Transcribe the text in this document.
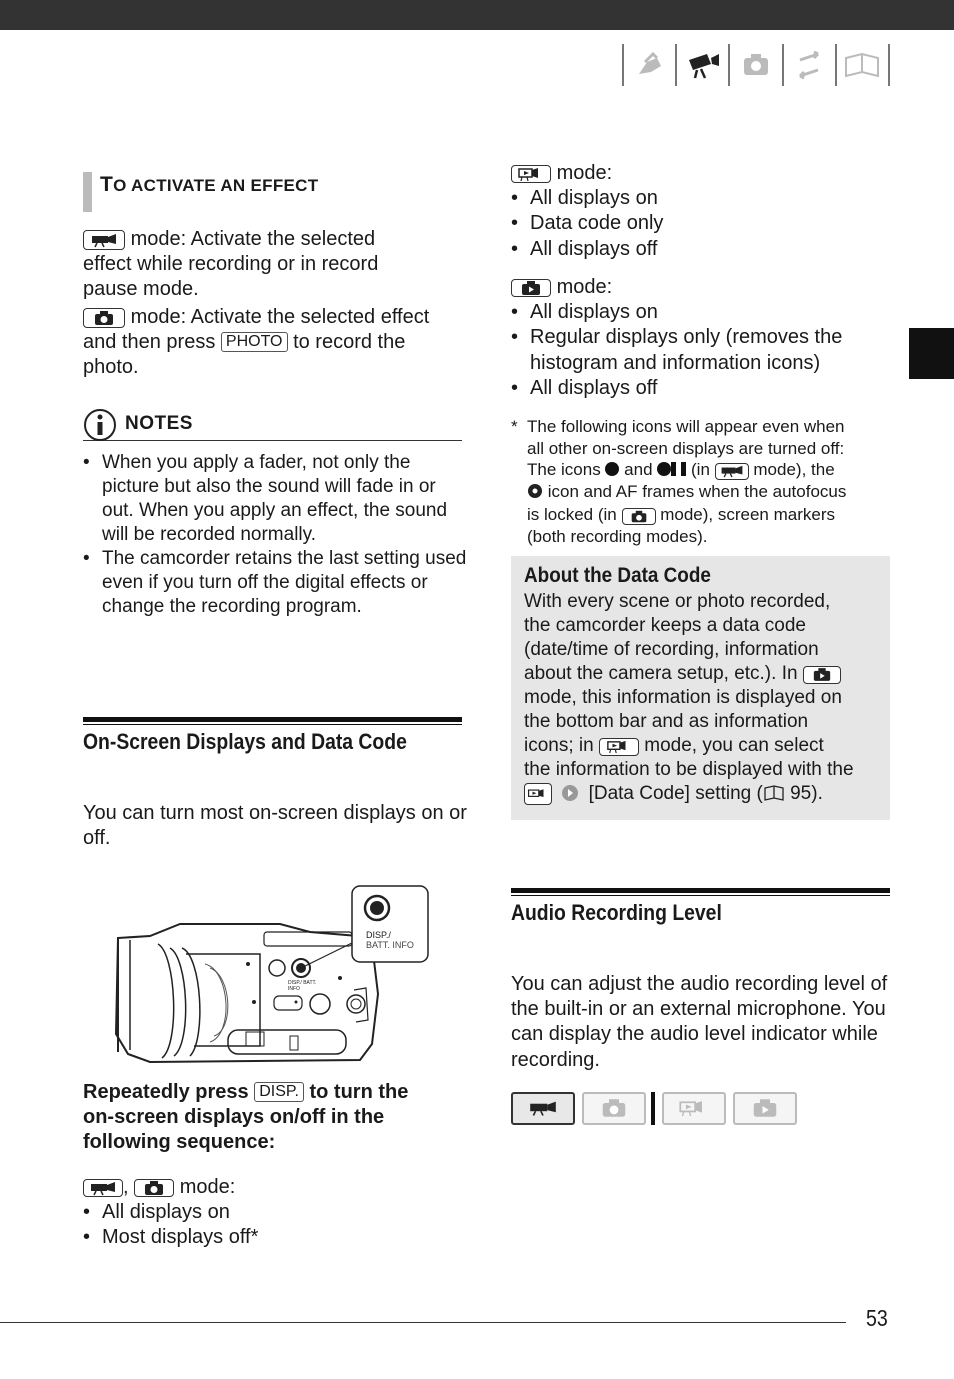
TO ACTIVATE AN EFFECT

mode: Activate the selected
effect while recording or in record
pause mode.

mode: Activate the selected effect
and then press PHOTO to record the
photo.

NOTES
• When you apply a fader, not only the picture but also the sound will fade in or out. When you apply an effect, the sound will be recorded normally.
• The camcorder retains the last setting used even if you turn off the digital effects or change the recording program.
On-Screen Displays and Data Code

You can turn most on-screen displays on or off.

DISP./
BATT. INFO
DISP./ BATT. INFO

Repeatedly press DISP. to turn the
on-screen displays on/off in the
following sequence:

,	mode:

• All displays on
• Most displays off*

mode:

• All displays on
• Data code only
• All displays off

mode:

• All displays on
• Regular displays only (removes the histogram and information icons)
• All displays off
* The following icons will appear even when
all other on-screen displays are turned off:
The icons and (in	mode), the
icon and AF frames when the autofocus
is locked (in	mode), screen markers
(both recording modes).
About the Data Code
With every scene or photo recorded,
the camcorder keeps a data code
(date/time of recording, information
about the camera setup, etc.). In
mode, this information is displayed on
the bottom bar and as information
icons; in	mode, you can select
the information to be displayed with the
[Data Code] setting ( 95).
Audio Recording Level

You can adjust the audio recording level of the built-in or an external microphone. You can display the audio level indicator while recording.

53
